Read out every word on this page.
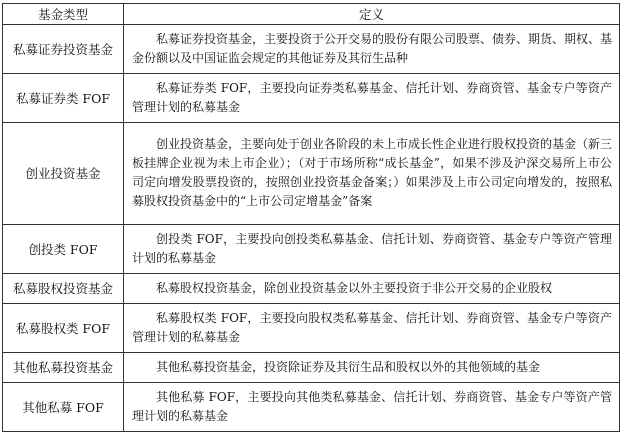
基金类型	定义
私募证券投资基金	私募证券投资基金，主要投资于公开交易的股份有限公司股票、债券、期货、期权、基金份额以及中国证监会规定的其他证券及其衍生品种

私募证券类 FOF	私募证券类 FOF，主要投向证券类私募基金、信托计划、券商资管、基金专户等资产管理计划的私募基金

创业投资基金	创业投资基金，主要向处于创业各阶段的未上市成长性企业进行股权投资的基金（新三板挂牌企业视为未上市企业）；（对于市场所称“成长基金”，如果不涉及沪深交易所上市公司定向增发股票投资的，按照创业投资基金备案；）如果涉及上市公司定向增发的，按照私募股权投资基金中的“上市公司定增基金”备案

创投类 FOF	创投类 FOF，主要投向创投类私募基金、信托计划、券商资管、基金专户等资产管理计划的私募基金

私募股权投资基金	私募股权投资基金，除创业投资基金以外主要投资于非公开交易的企业股权

私募股权类 FOF	私募股权类 FOF，主要投向股权类私募基金、信托计划、券商资管、基金专户等资产管理计划的私募基金

其他私募投资基金	其他私募投资基金，投资除证券及其衍生品和股权以外的其他领域的基金

其他私募 FOF	其他私募 FOF，主要投向其他类私募基金、信托计划、券商资管、基金专户等资产管理计划的私募基金
